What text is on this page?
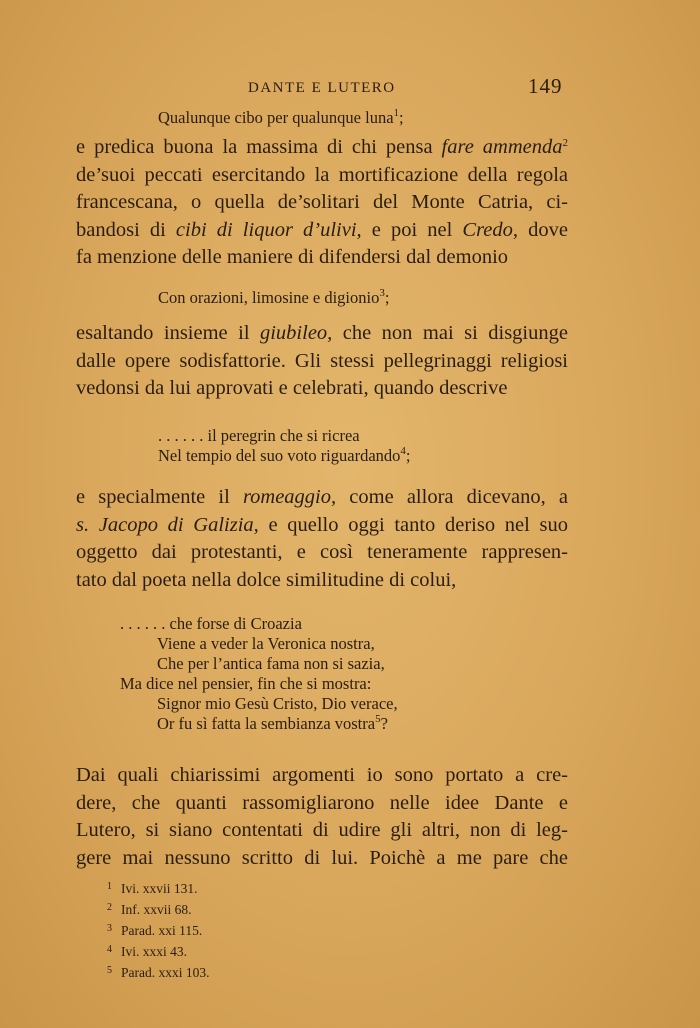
DANTE E LUTERO	149
Qualunque cibo per qualunque luna$^1$;

e predica buona la massima di chi pensa fare ammenda$^2$

de’suoi peccati esercitando la mortificazione della regola

francescana, o quella de’solitari del Monte Catria, ci-

bandosi di cibi di liquor d’ulivi, e poi nel Credo, dove

fa menzione delle maniere di difendersi dal demonio

Con orazioni, limosine e digionio$^3$;

esaltando insieme il giubileo, che non mai si disgiunge

dalle opere sodisfattorie. Gli stessi pellegrinaggi religiosi

vedonsi da lui approvati e celebrati, quando descrive

. . . . . . il peregrin che si ricrea
Nel tempio del suo voto riguardando$^4$;

e specialmente il romeaggio, come allora dicevano, a

s. Jacopo di Galizia, e quello oggi tanto deriso nel suo

oggetto dai protestanti, e così teneramente rappresen-

tato dal poeta nella dolce similitudine di colui,

. . . . . . che forse di Croazia
Viene a veder la Veronica nostra,
Che per l’antica fama non si sazia,
Ma dice nel pensier, fin che si mostra:
Signor mio Gesù Cristo, Dio verace,
Or fu sì fatta la sembianza vostra$^5$?

Dai quali chiarissimi argomenti io sono portato a cre-

dere, che quanti rassomigliarono nelle idee Dante e

Lutero, si siano contentati di udire gli altri, non di leg-

gere mai nessuno scritto di lui. Poichè a me pare che

1 Ivi. xxvii 131.
2 Inf. xxvii 68.
3 Parad. xxi 115.
4 Ivi. xxxi 43.
5 Parad. xxxi 103.
